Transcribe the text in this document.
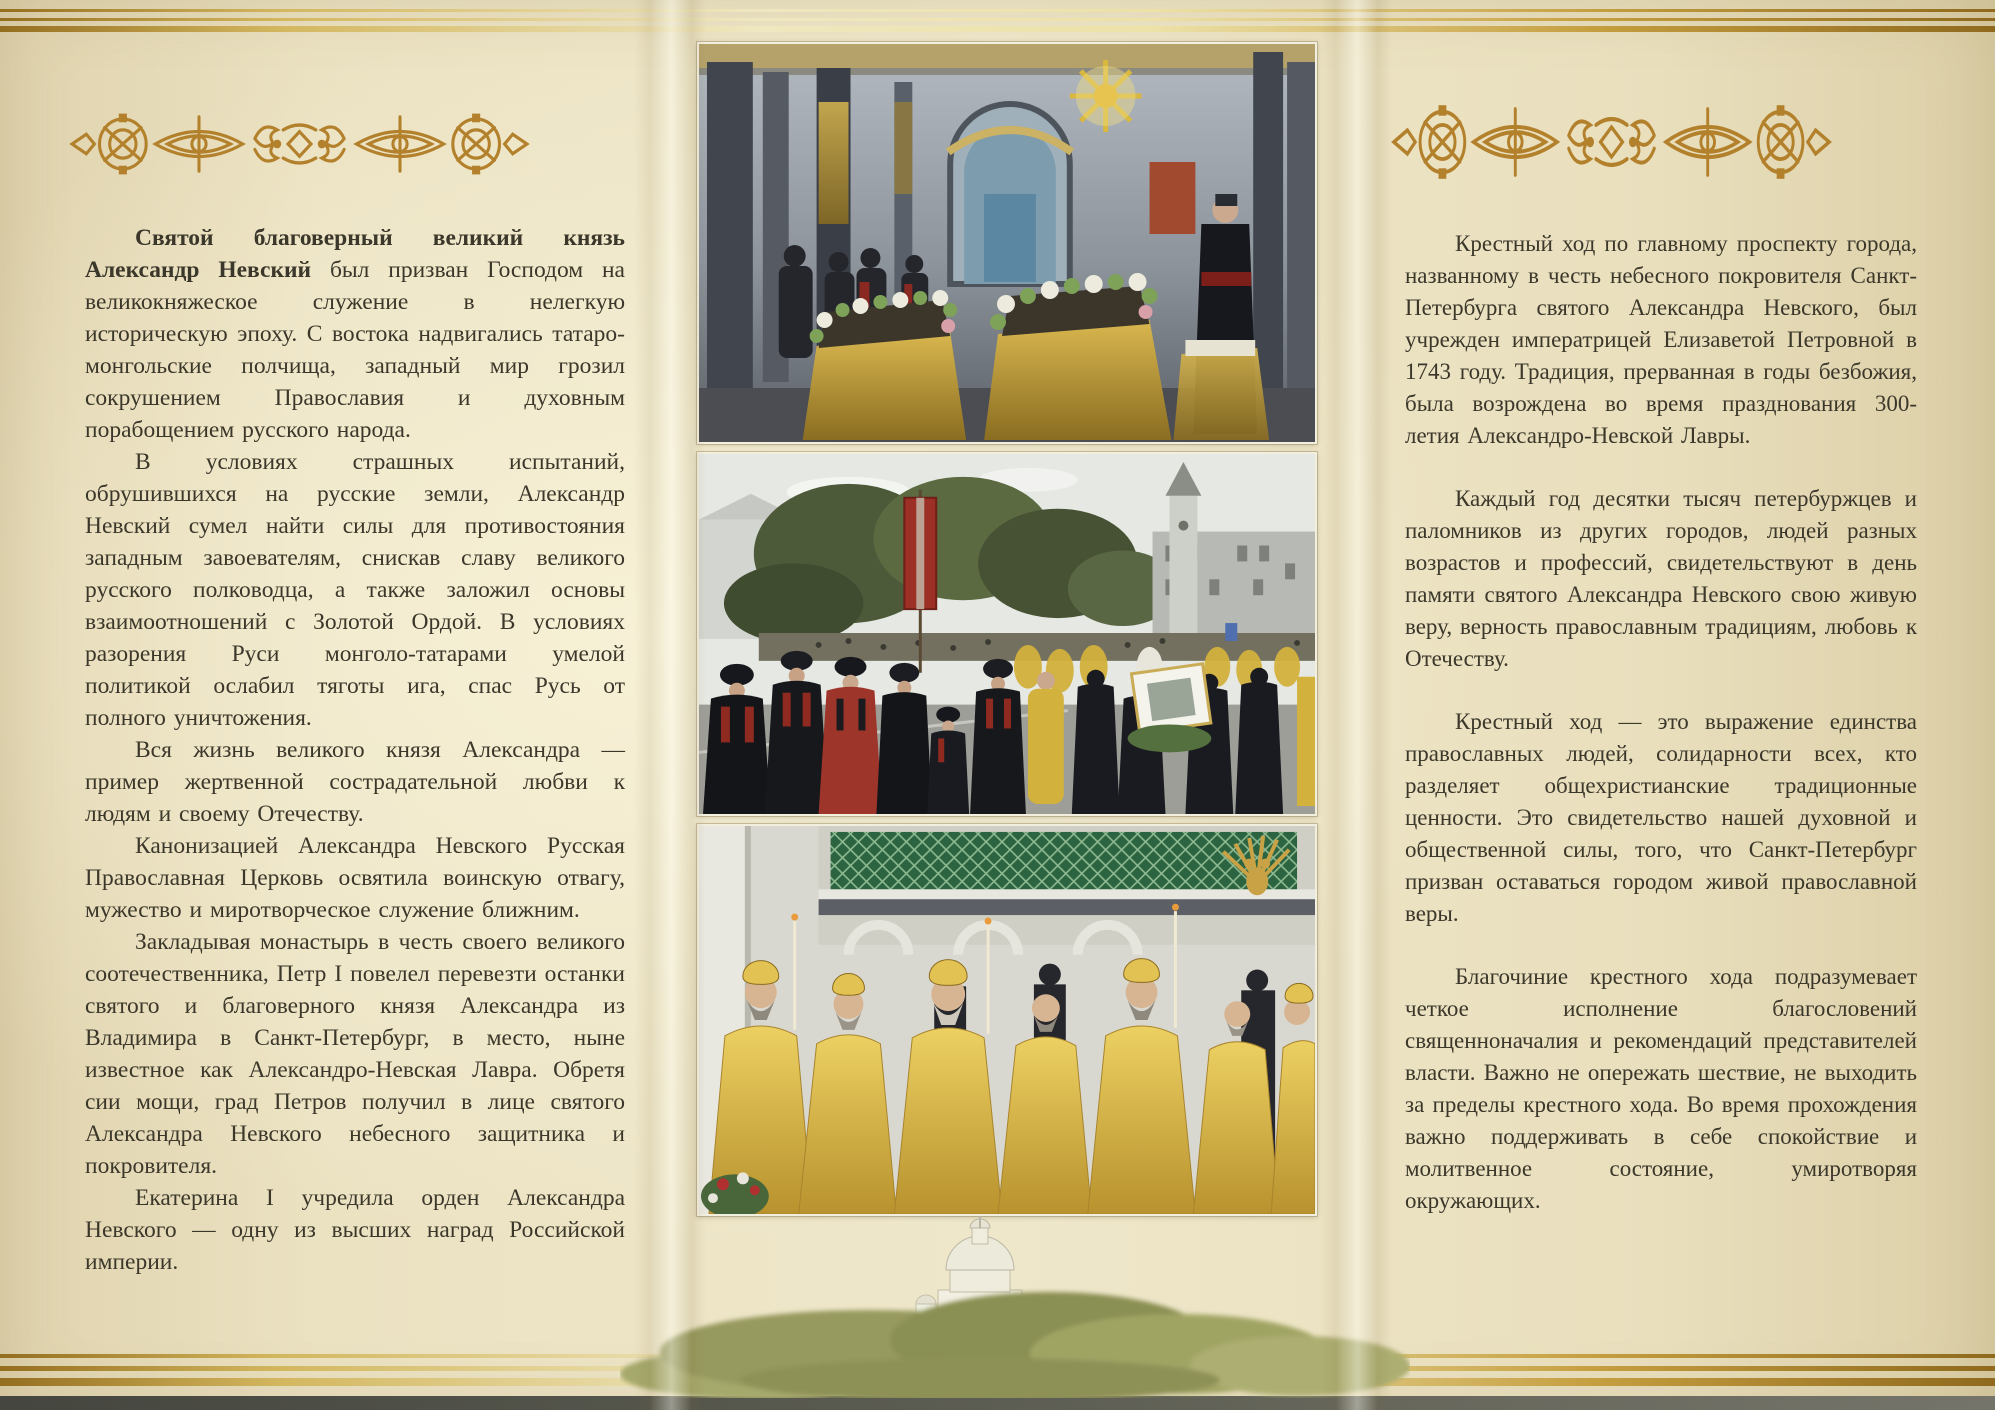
Святой благоверный великий князь Александр Невский был призван Господом на великокняжеское служение в нелегкую историческую эпоху. С востока надвигались татаро-монгольские полчища, западный мир грозил сокрушением Православия и духовным порабощением русского народа.

В условиях страшных испытаний, обрушившихся на русские земли, Александр Невский сумел найти силы для противостояния западным завоевателям, снискав славу великого русского полководца, а также заложил основы взаимоотношений с Золотой Ордой. В условиях разорения Руси монголо-татарами умелой политикой ослабил тяготы ига, спас Русь от полного уничтожения.

Вся жизнь великого князя Александра — пример жертвенной сострадательной любви к людям и своему Отечеству.

Канонизацией Александра Невского Русская Православная Церковь освятила воинскую отвагу, мужество и миротворческое служение ближним.

Закладывая монастырь в честь своего великого соотечественника, Петр I повелел перевезти останки святого и благоверного князя Александра из Владимира в Санкт-Петербург, в место, ныне известное как Александро-Невская Лавра. Обретя сии мощи, град Петров получил в лице святого Александра Невского небесного защитника и покровителя.

Екатерина I учредила орден Александра Невского — одну из высших наград Российской империи.

Крестный ход по главному проспекту города, названному в честь небесного покровителя Санкт-Петербурга святого Александра Невского, был учрежден императрицей Елизаветой Петровной в 1743 году. Традиция, прерванная в годы безбожия, была возрождена во время празднования 300-летия Александро-Невской Лавры.

Каждый год десятки тысяч петербуржцев и паломников из других городов, людей разных возрастов и профессий, свидетельствуют в день памяти святого Александра Невского свою живую веру, верность православным традициям, любовь к Отечеству.

Крестный ход — это выражение единства православных людей, солидарности всех, кто разделяет общехристианские традиционные ценности. Это свидетельство нашей духовной и общественной силы, того, что Санкт-Петербург призван оставаться городом живой православной веры.

Благочиние крестного хода подразумевает четкое исполнение благословений священноначалия и рекомендаций представителей власти. Важно не опережать шествие, не выходить за пределы крестного хода. Во время прохождения важно поддерживать в себе спокойствие и молитвенное состояние, умиротворяя окружающих.
